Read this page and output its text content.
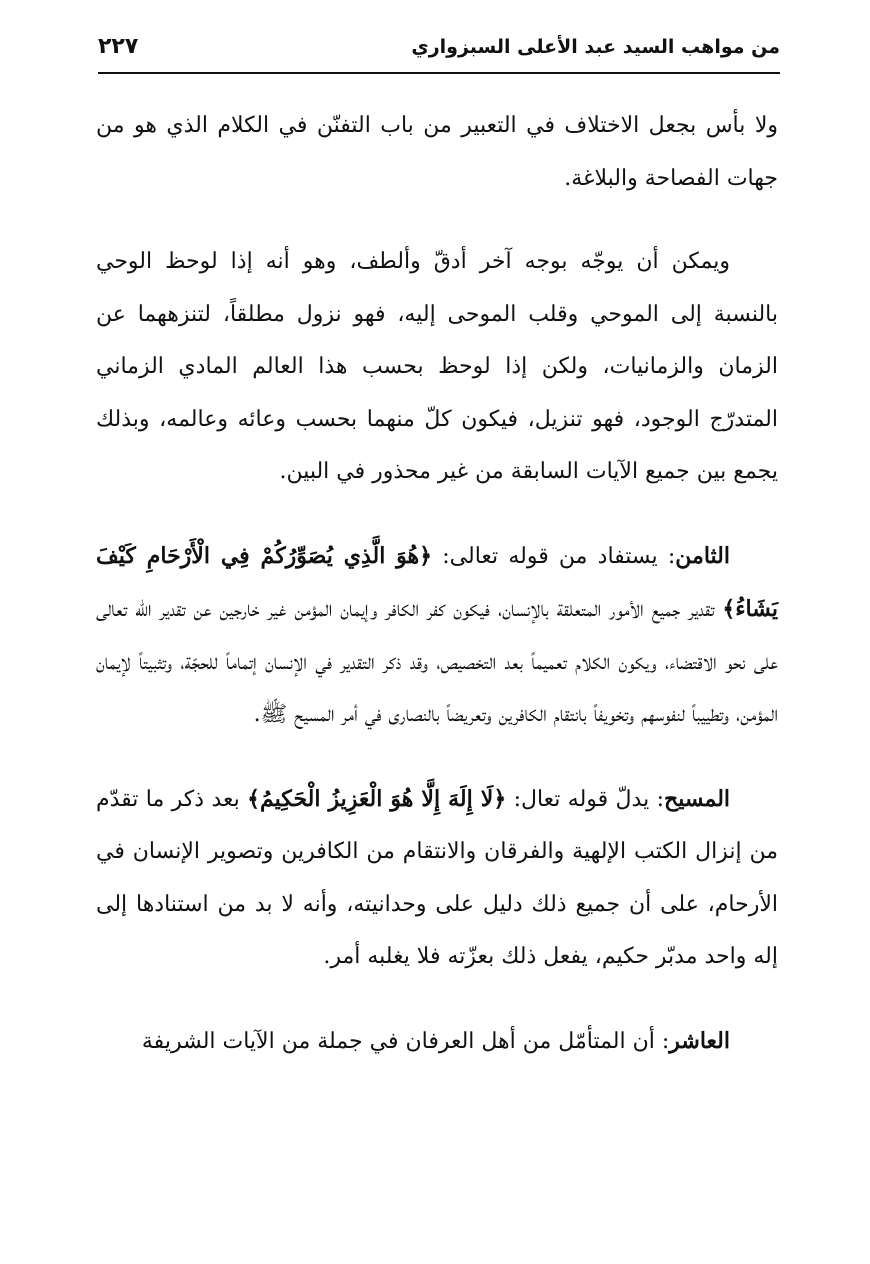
من مواهب السيد عبد الأعلى السبزواري
٢٢٧

ولا بأس بجعل الاختلاف في التعبير من باب التفنّن في الكلام الذي هو من جهات الفصاحة والبلاغة.

ويمكن أن يوجّه بوجه آخر أدقّ وألطف، وهو أنه إذا لوحظ الوحي بالنسبة إلى الموحي وقلب الموحى إليه، فهو نزول مطلقاً، لتنزههما عن الزمان والزمانيات، ولكن إذا لوحظ بحسب هذا العالم المادي الزماني المتدرّج الوجود، فهو تنزيل، فيكون كلّ منهما بحسب وعائه وعالمه، وبذلك يجمع بين جميع الآيات السابقة من غير محذور في البين.

الثامن: يستفاد من قوله تعالى: ﴿هُوَ الَّذِي يُصَوِّرُكُمْ فِي الْأَرْحَامِ كَيْفَ يَشَاءُ﴾ تقدير جميع الأمور المتعلقة بالإنسان، فيكون كفر الكافر وإيمان المؤمن غير خارجين عن تقدير الله تعالى على نحو الاقتضاء، ويكون الكلام تعميماً بعد التخصيص، وقد ذكر التقدير في الإنسان إتماماً للحجّة، وتثبيتاً لإيمان المؤمن، وتطييباً لنفوسهم وتخويفاً بانتقام الكافرين وتعريضاً بالنصارى في أمر المسيح ﷺ.

المسيح: يدلّ قوله تعال: ﴿لَا إِلَهَ إِلَّا هُوَ الْعَزِيزُ الْحَكِيمُ﴾ بعد ذكر ما تقدّم من إنزال الكتب الإلهية والفرقان والانتقام من الكافرين وتصوير الإنسان في الأرحام، على أن جميع ذلك دليل على وحدانيته، وأنه لا بد من استنادها إلى إله واحد مدبّر حكيم، يفعل ذلك بعزّته فلا يغلبه أمر.

العاشر: أن المتأمّل من أهل العرفان في جملة من الآيات الشريفة
